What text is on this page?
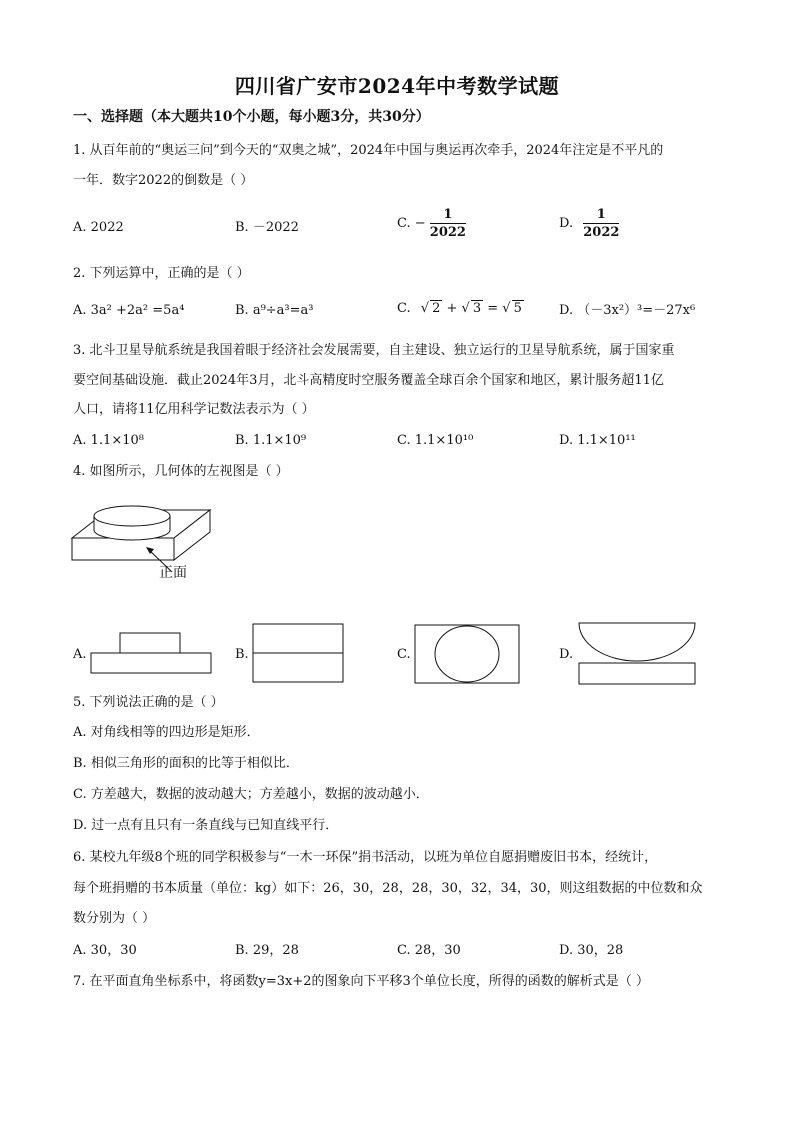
四川省广安市2024年中考数学试题
一、选择题（本大题共10个小题，每小题3分，共30分）
1. 从百年前的“奥运三问”到今天的“双奥之城”，2024年中国与奥运再次牵手，2024年注定是不平凡的
一年．数字2022的倒数是（ ）
A. 2022	B. －2022	C. − $\frac{1}{2022}$	D. $\frac{1}{2022}$
2. 下列运算中，正确的是（ ）
A. 3a² +2a² =5a⁴	B. a⁹÷a³=a³	C. √ 2 + √ 3 = √ 5	D. （－3x²）³=－27x⁶
3. 北斗卫星导航系统是我国着眼于经济社会发展需要，自主建设、独立运行的卫星导航系统，属于国家重
要空间基础设施．截止2024年3月，北斗高精度时空服务覆盖全球百余个国家和地区，累计服务超11亿
人口，请将11亿用科学记数法表示为（ ）
A. 1.1×10⁸	B. 1.1×10⁹	C. 1.1×10¹⁰	D. 1.1×10¹¹
4. 如图所示，几何体的左视图是（ ）
正面
A.	B.	C.	D.
5. 下列说法正确的是（ ）
A. 对角线相等的四边形是矩形．
B. 相似三角形的面积的比等于相似比．
C. 方差越大，数据的波动越大；方差越小，数据的波动越小．
D. 过一点有且只有一条直线与已知直线平行．
6. 某校九年级8个班的同学积极参与“一木一环保”捐书活动，以班为单位自愿捐赠废旧书本，经统计，
每个班捐赠的书本质量（单位：kg）如下：26，30，28，28，30，32，34，30，则这组数据的中位数和众
数分别为（ ）
A. 30，30	B. 29，28	C. 28，30	D. 30，28
7. 在平面直角坐标系中，将函数y=3x+2的图象向下平移3个单位长度，所得的函数的解析式是（ ）
